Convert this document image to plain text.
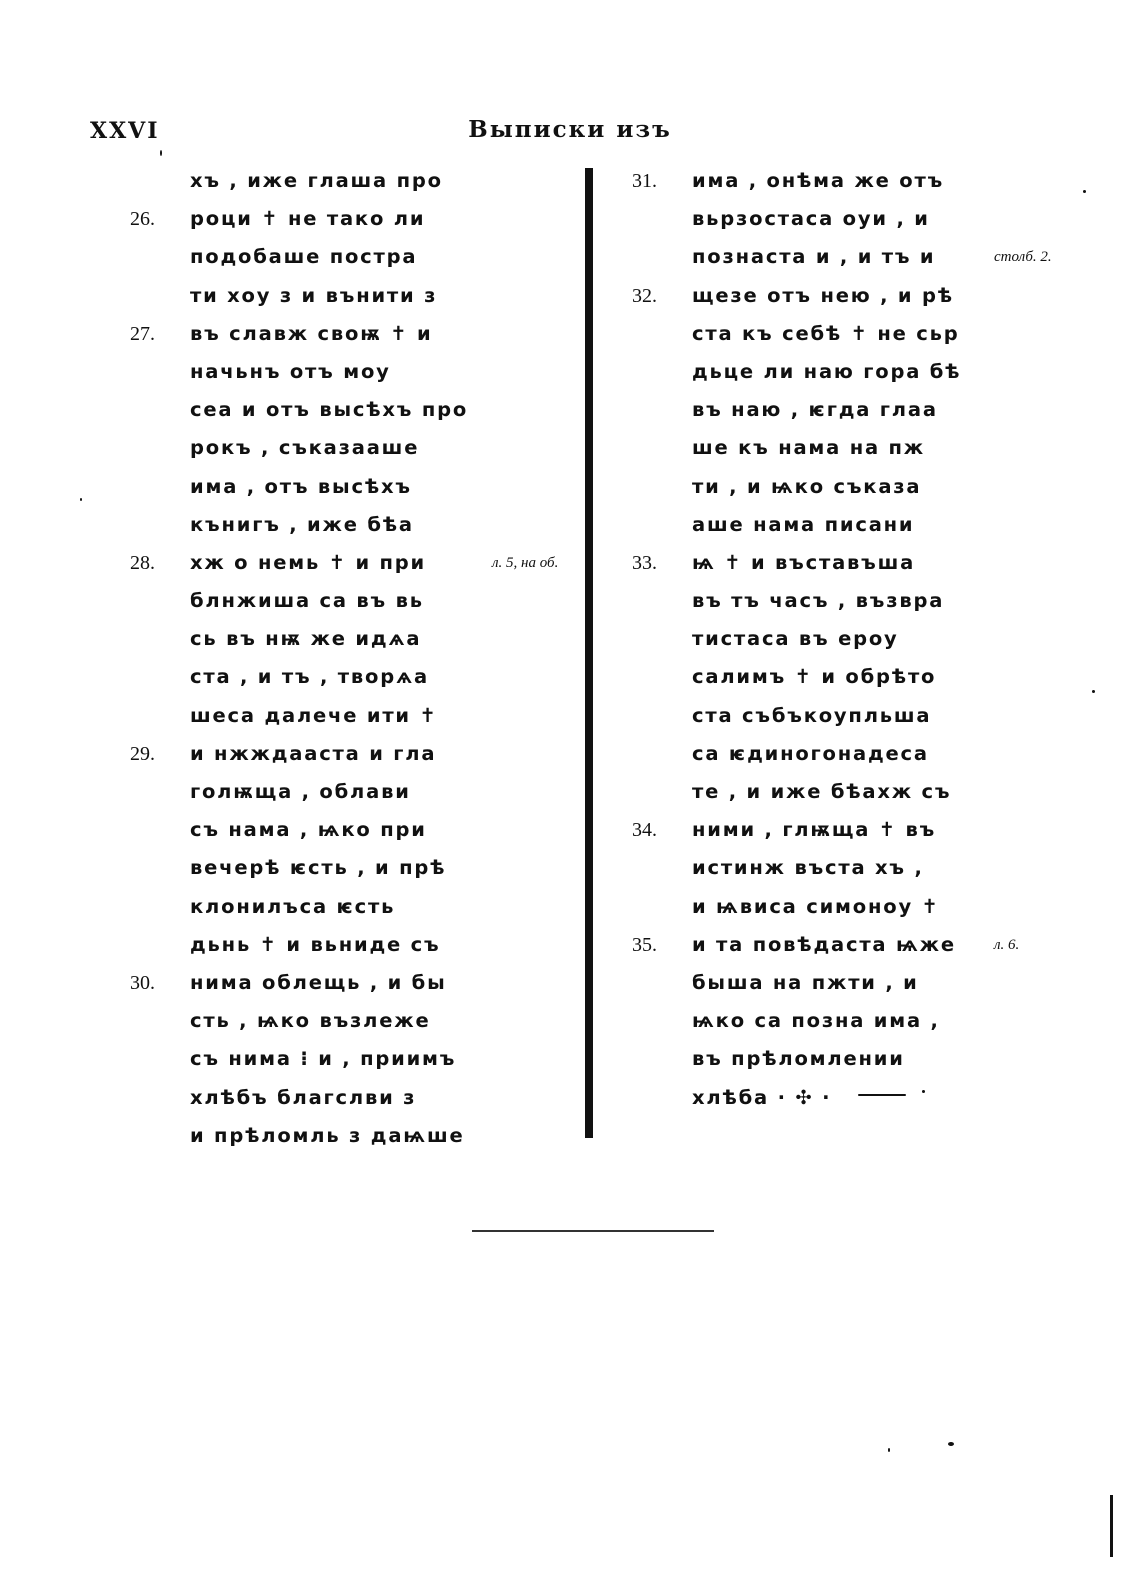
XXVI	Выписки изъ
хъ , иже глаша про
26.	роци ✝ не тако ли
подобаше постра
ти хоу з и вънити з
27.	въ славж своѭ ✝ и
начьнъ отъ моу
сеа и отъ высѣхъ про
рокъ , съказааше
има , отъ высѣхъ
кънигъ , иже бѣа
28.	хж о немь ✝ и при	л. 5, на об.
блнжиша са въ вь
сь въ нѭ же идѧа
ста , и тъ , творѧа
шеса далече ити ✝
29.	и нжждааста и гла
голѭща , облави
съ нама , ѩко при
вечерѣ ѥсть , и прѣ
клонилъса ѥсть
дьнь ✝ и вьниде съ
30.	нима облещь , и бы
сть , ѩко възлеже
съ нима ⁝ и , приимъ
хлѣбъ благслви з
и прѣломль з даѩше
31.	има , онѣма же отъ
вьрзостаса оуи , и
познаста и , и тъ и	столб. 2.
32.	щезе отъ нею , и рѣ
ста къ себѣ ✝ не сьр
дьце ли наю гора бѣ
въ наю , ѥгда глаа
ше къ нама на пж
ти , и ѩко съказа
аше нама писани
33.	ѩ ✝ и въставъша
въ тъ часъ , възвра
тистаса въ ерoу
салимъ ✝ и обрѣто
ста събъкоупльша
са ѥдинoгонадеса
те , и иже бѣахж съ
34.	ними , глѭща ✝ въ
истинж въста хъ ,
и ѩвиса симоноу ✝
35.	и та повѣдаста ѩже	л. 6.
быша на пжти , и
ѩко са позна има ,
въ прѣломлении
хлѣба · ✣ ·
